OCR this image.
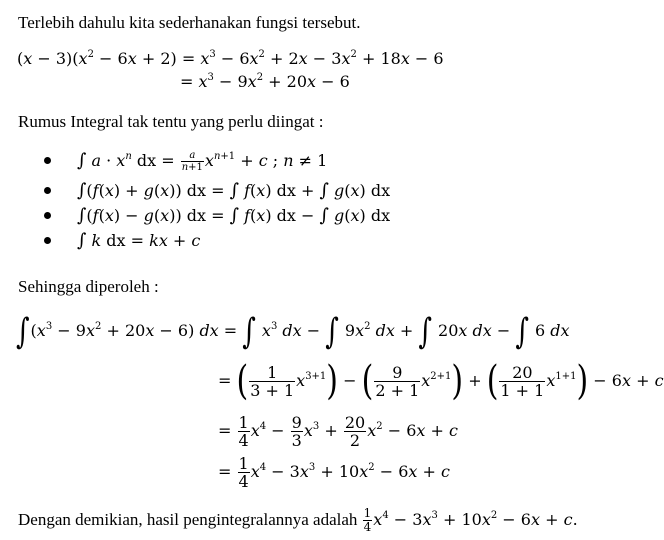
Terlebih dahulu kita sederhanakan fungsi tersebut.
$(x - 3)(x^2 - 6x + 2) = x^3 - 6x^2 + 2x - 3x^2 + 18x - 6$
= $x^3 - 9x^2 + 20x - 6$
Rumus Integral tak tentu yang perlu diingat :
∫ $a \cdot x^n$ dx = $\frac{a}{n+1} x^{n+1} + c$ ; n ≠ 1
∫(f(x) + g(x)) dx = ∫ f(x) dx + ∫ g(x) dx
∫(f(x) − g(x)) dx = ∫ f(x) dx − ∫ g(x) dx
∫ k dx = kx + c
Sehingga diperoleh :
$\int(x^3 - 9x^2 + 20x - 6)$ dx = ∫ $x^3$ dx − ∫ $9x^2$ dx + ∫ 20x dx − ∫ 6 dx
= ( $\frac{1}{3 + 1} x^{3+1}$) − ( $\frac{9}{2 + 1} x^{2+1}$) + ( $\frac{20}{1 + 1} x^{1+1}) - 6x + c$
= $\frac{1}{4} x^4 - \frac{9}{3} x^3 + \frac{20}{2} x^2 - 6x + c$
= $\frac{1}{4} x^4 - 3x^3 + 10x^2 - 6x + c$
Dengan demikian, hasil pengintegralannya adalah $\frac{1}{4} x^4 - 3x^3 + 10x^2 - 6x + c$.
